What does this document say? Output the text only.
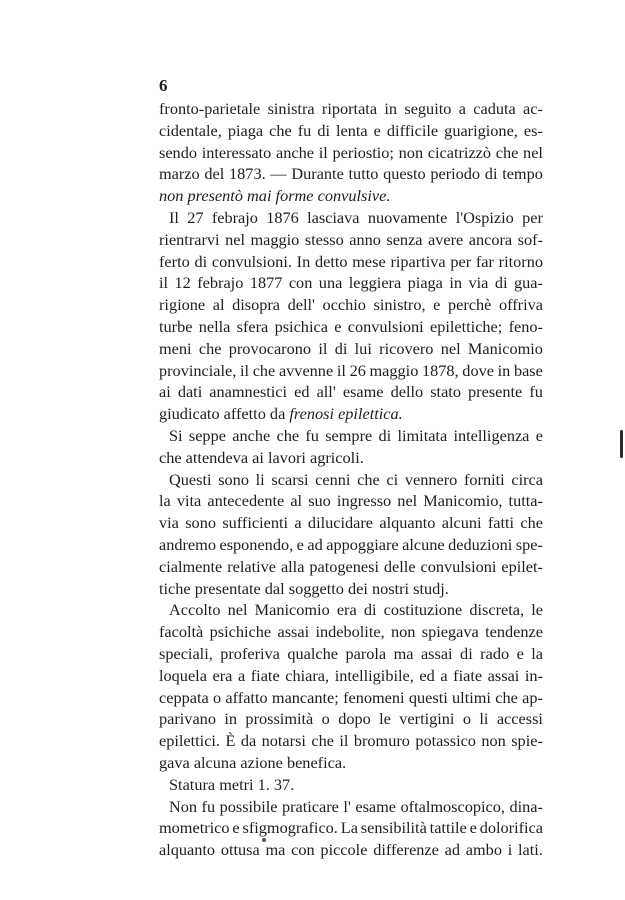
6
fronto-parietale sinistra riportata in seguito a caduta ac-
cidentale, piaga che fu di lenta e difficile guarigione, es-
sendo interessato anche il periostio; non cicatrizzò che nel
marzo del 1873. — Durante tutto questo periodo di tempo
non presentò mai forme convulsive.
Il 27 febrajo 1876 lasciava nuovamente l'Ospizio per
rientrarvi nel maggio stesso anno senza avere ancora sof-
ferto di convulsioni. In detto mese ripartiva per far ritorno
il 12 febrajo 1877 con una leggiera piaga in via di gua-
rigione al disopra dell' occhio sinistro, e perchè offriva
turbe nella sfera psichica e convulsioni epilettiche; feno-
meni che provocarono il di lui ricovero nel Manicomio
provinciale, il che avvenne il 26 maggio 1878, dove in base
ai dati anamnestici ed all' esame dello stato presente fu
giudicato affetto da frenosi epilettica.
Si seppe anche che fu sempre di limitata intelligenza e
che attendeva ai lavori agricoli.
Questi sono li scarsi cenni che ci vennero forniti circa
la vita antecedente al suo ingresso nel Manicomio, tutta-
via sono sufficienti a dilucidare alquanto alcuni fatti che
andremo esponendo, e ad appoggiare alcune deduzioni spe-
cialmente relative alla patogenesi delle convulsioni epilet-
tiche presentate dal soggetto dei nostri studj.
Accolto nel Manicomio era di costituzione discreta, le
facoltà psichiche assai indebolite, non spiegava tendenze
speciali, proferiva qualche parola ma assai di rado e la
loquela era a fiate chiara, intelligibile, ed a fiate assai in-
ceppata o affatto mancante; fenomeni questi ultimi che ap-
parivano in prossimità o dopo le vertigini o li accessi
epilettici. È da notarsi che il bromuro potassico non spie-
gava alcuna azione benefica.
Statura metri 1. 37.
Non fu possibile praticare l' esame oftalmoscopico, dina-
mometrico e sfigmografico. La sensibilità tattile e dolorifica
alquanto ottusa ma con piccole differenze ad ambo i lati.
